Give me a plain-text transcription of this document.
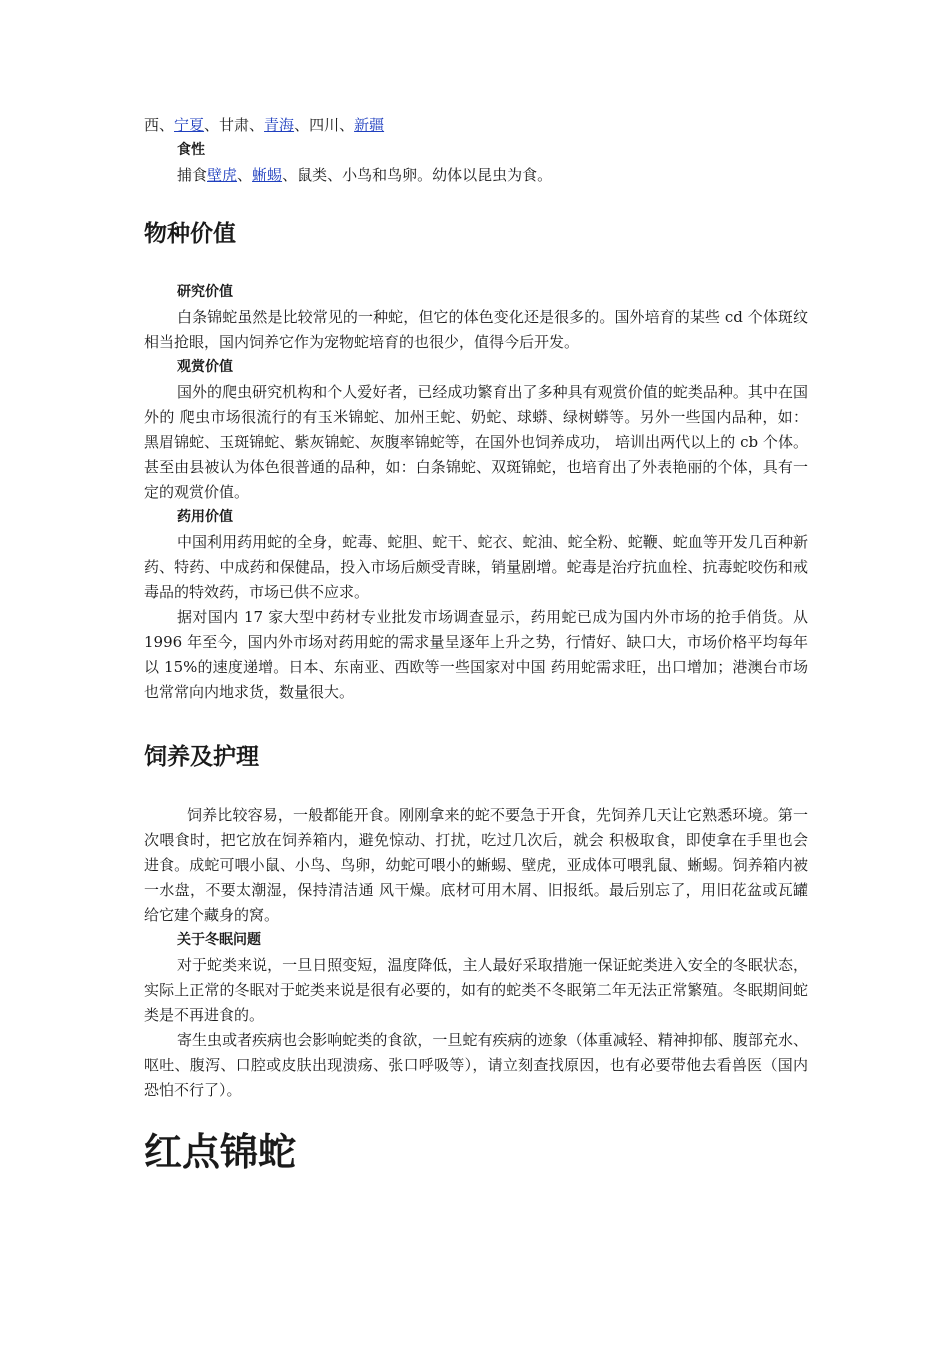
西、宁夏、甘肃、青海、四川、新疆

食性

捕食壁虎、蜥蜴、鼠类、小鸟和鸟卵。幼体以昆虫为食。

物种价值

研究价值

白条锦蛇虽然是比较常见的一种蛇，但它的体色变化还是很多的。国外培育的某些 cd 个体斑纹相当抢眼，国内饲养它作为宠物蛇培育的也很少，值得今后开发。

观赏价值

国外的爬虫研究机构和个人爱好者，已经成功繁育出了多种具有观赏价值的蛇类品种。其中在国外的 爬虫市场很流行的有玉米锦蛇、加州王蛇、奶蛇、球蟒、绿树蟒等。另外一些国内品种，如：黑眉锦蛇、玉斑锦蛇、紫灰锦蛇、灰腹率锦蛇等，在国外也饲养成功， 培训出两代以上的 cb 个体。甚至由县被认为体色很普通的品种，如：白条锦蛇、双斑锦蛇，也培育出了外表艳丽的个体，具有一定的观赏价值。

药用价值

中国利用药用蛇的全身，蛇毒、蛇胆、蛇干、蛇衣、蛇油、蛇全粉、蛇鞭、蛇血等开发几百种新药、特药、中成药和保健品，投入市场后颇受青睐，销量剧增。蛇毒是治疗抗血栓、抗毒蛇咬伤和戒毒品的特效药，市场已供不应求。

据对国内 17 家大型中药材专业批发市场调查显示，药用蛇已成为国内外市场的抢手俏货。从 1996 年至今，国内外市场对药用蛇的需求量呈逐年上升之势，行情好、缺口大，市场价格平均每年以 15%的速度递增。日本、东南亚、西欧等一些国家对中国 药用蛇需求旺，出口增加；港澳台市场也常常向内地求货，数量很大。

饲养及护理

饲养比较容易，一般都能开食。刚刚拿来的蛇不要急于开食，先饲养几天让它熟悉环境。第一次喂食时，把它放在饲养箱内，避免惊动、打扰，吃过几次后，就会 积极取食，即使拿在手里也会进食。成蛇可喂小鼠、小鸟、鸟卵，幼蛇可喂小的蜥蜴、壁虎，亚成体可喂乳鼠、蜥蜴。饲养箱内被一水盘，不要太潮湿，保持清洁通 风干燥。底材可用木屑、旧报纸。最后别忘了，用旧花盆或瓦罐给它建个藏身的窝。

关于冬眠问题

对于蛇类来说，一旦日照变短，温度降低，主人最好采取措施一保证蛇类进入安全的冬眠状态，实际上正常的冬眠对于蛇类来说是很有必要的，如有的蛇类不冬眠第二年无法正常繁殖。冬眠期间蛇类是不再进食的。

寄生虫或者疾病也会影响蛇类的食欲，一旦蛇有疾病的迹象（体重减轻、精神抑郁、腹部充水、呕吐、腹泻、口腔或皮肤出现溃疡、张口呼吸等），请立刻查找原因，也有必要带他去看兽医（国内恐怕不行了）。

红点锦蛇
